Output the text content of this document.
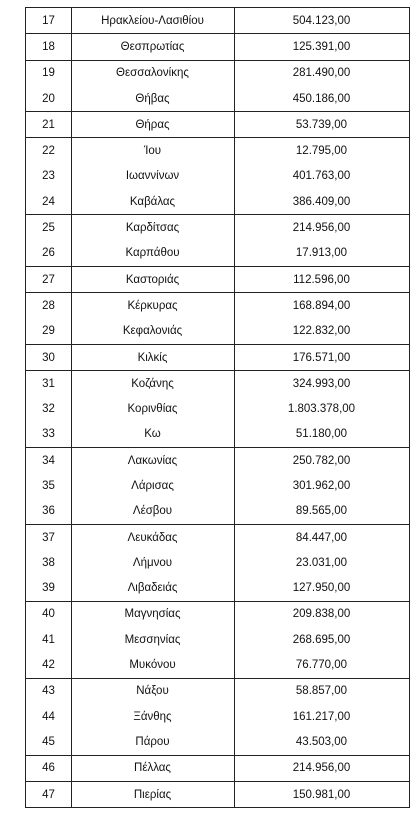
17	Ηρακλείου-Λασιθίου	504.123,00
18	Θεσπρωτίας	125.391,00
19	Θεσσαλονίκης	281.490,00
20	Θήβας	450.186,00
21	Θήρας	53.739,00
22	Ίου	12.795,00
23	Ιωαννίνων	401.763,00
24	Καβάλας	386.409,00
25	Καρδίτσας	214.956,00
26	Καρπάθου	17.913,00
27	Καστοριάς	112.596,00
28	Κέρκυρας	168.894,00
29	Κεφαλονιάς	122.832,00
30	Κιλκίς	176.571,00
31	Κοζάνης	324.993,00
32	Κορινθίας	1.803.378,00
33	Κω	51.180,00
34	Λακωνίας	250.782,00
35	Λάρισας	301.962,00
36	Λέσβου	89.565,00
37	Λευκάδας	84.447,00
38	Λήμνου	23.031,00
39	Λιβαδειάς	127.950,00
40	Μαγνησίας	209.838,00
41	Μεσσηνίας	268.695,00
42	Μυκόνου	76.770,00
43	Νάξου	58.857,00
44	Ξάνθης	161.217,00
45	Πάρου	43.503,00
46	Πέλλας	214.956,00
47	Πιερίας	150.981,00
